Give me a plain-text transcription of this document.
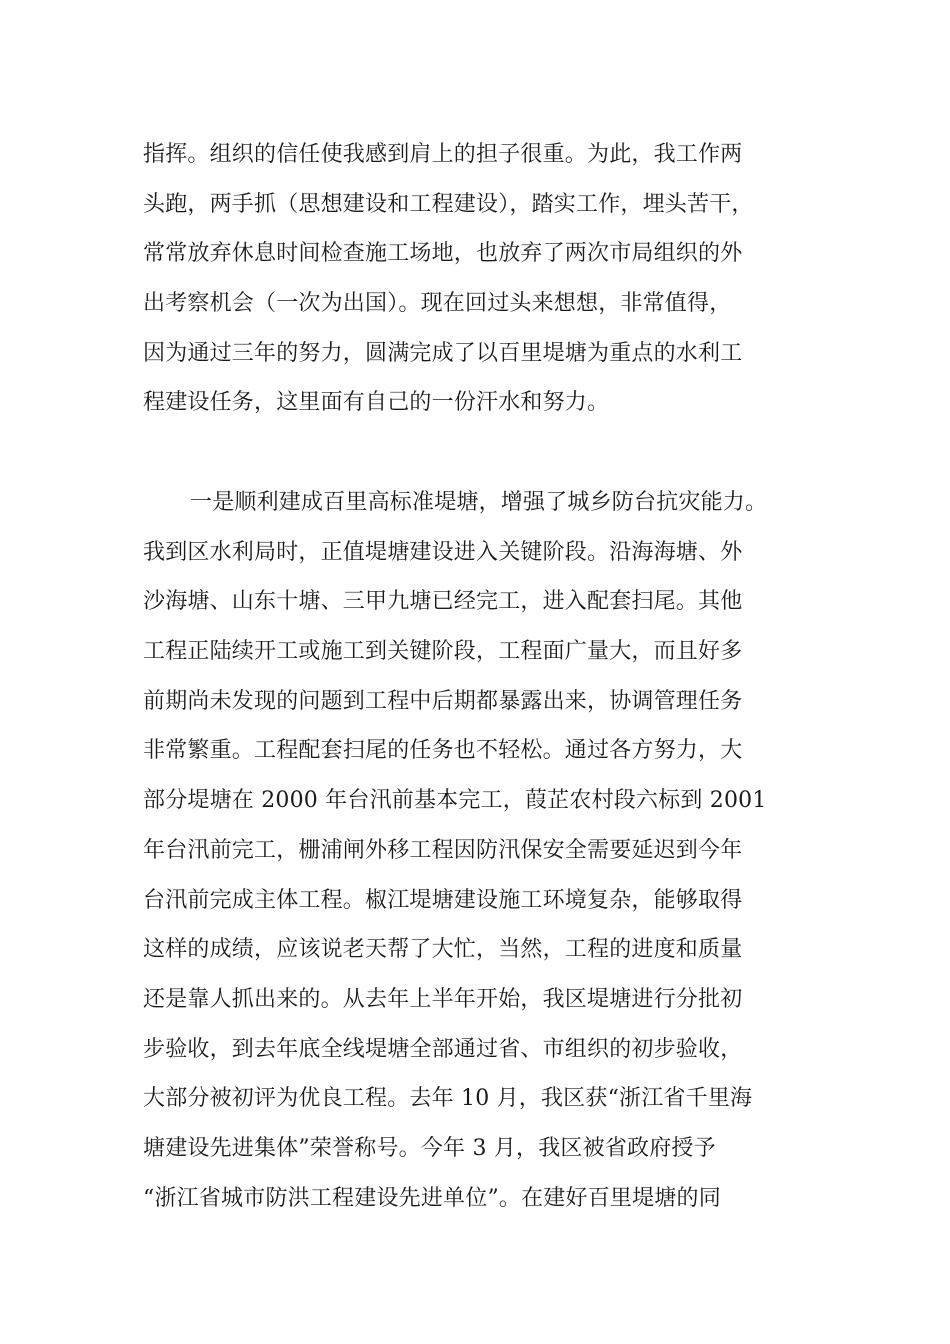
指挥。组织的信任使我感到肩上的担子很重。为此，我工作两
头跑，两手抓（思想建设和工程建设），踏实工作，埋头苦干，
常常放弃休息时间检查施工场地，也放弃了两次市局组织的外
出考察机会（一次为出国）。现在回过头来想想，非常值得，
因为通过三年的努力，圆满完成了以百里堤塘为重点的水利工
程建设任务，这里面有自己的一份汗水和努力。
一是顺利建成百里高标准堤塘，增强了城乡防台抗灾能力。
我到区水利局时，正值堤塘建设进入关键阶段。沿海海塘、外
沙海塘、山东十塘、三甲九塘已经完工，进入配套扫尾。其他
工程正陆续开工或施工到关键阶段，工程面广量大，而且好多
前期尚未发现的问题到工程中后期都暴露出来，协调管理任务
非常繁重。工程配套扫尾的任务也不轻松。通过各方努力，大
部分堤塘在 2000 年台汛前基本完工，葭芷农村段六标到 2001
年台汛前完工，栅浦闸外移工程因防汛保安全需要延迟到今年
台汛前完成主体工程。椒江堤塘建设施工环境复杂，能够取得
这样的成绩，应该说老天帮了大忙，当然，工程的进度和质量
还是靠人抓出来的。从去年上半年开始，我区堤塘进行分批初
步验收，到去年底全线堤塘全部通过省、市组织的初步验收，
大部分被初评为优良工程。去年 10 月，我区获“浙江省千里海
塘建设先进集体”荣誉称号。今年 3 月，我区被省政府授予
“浙江省城市防洪工程建设先进单位”。在建好百里堤塘的同
